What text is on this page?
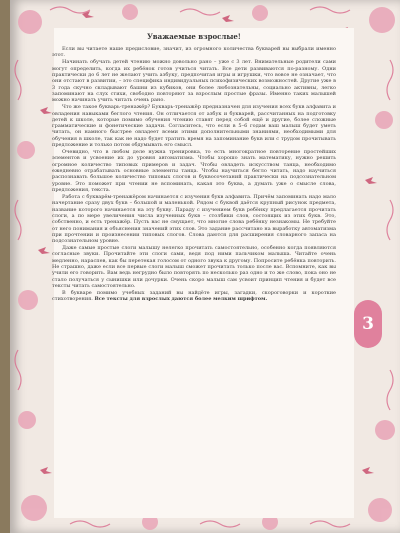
3
Уважаемые взрослые!

Если вы читаете наше предисловие, значит, из огромного количества букварей вы выбрали именно этот.

Начинать обучать детей чтению можно довольно рано – уже с 3 лет. Внимательные родители сами могут определить, когда их ребёнок готов учиться читать. Все дети развиваются по-разному. Одни практически до 6 лет не желают учить азбуку, предпочитая игры и игрушки, что вовсе не означает, что они отстают в развитии, – это специфика индивидуальных психофизических возможностей. Другие уже в 3 года скучно складывают башни из кубиков, они более любознательны, социально активны, легко запоминают на слух стихи, свободно повторяют за взрослым простые фразы. Именно таких малышей можно начинать учить читать очень рано.

Что же такое букварь-тренажёр? Букварь-тренажёр предназначен для изучения всех букв алфавита и овладения навыками беглого чтения. Он отличается от азбук и букварей, рассчитанных на подготовку детей к школе, которые помимо обучения чтению ставят перед собой ещё и другие, более сложные грамматические и фонетические задачи. Согласитесь, что если в 5–6 годам ваш малыш будет уметь читать, он намного быстрее овладеет всеми этими дополнительными знаниями, необходимыми для обучения в школе, так как не надо будет тратить время на запоминание букв или с трудом прочитывать предложение и только потом обдумывать его смысл.

Очевидно, что в любом деле нужна тренировка, то есть многократное повторение простейших элементов и усвоение их до уровня автоматизма. Чтобы хорошо знать математику, нужно решить огромное количество типовых примеров и задач. Чтобы овладеть искусством танца, необходимо ежедневно отрабатывать основные элементы танца. Чтобы научиться бегло читать, надо научиться распознавать большое количество типовых слогов и буквосочетаний практически на подсознательном уровне. Это поможет при чтении не вспоминать, какая это буква, а думать уже о смысле слова, предложения, текста.

Работа с букварём-тренажёром начинается с изучения букв алфавита. Причём запоминать надо мало начертание сразу двух букв – большой и маленькой. Рядом с буквой даётся крупный рисунок предмета, название которого начинается на эту букву. Параду с изучением букв ребёнку предлагается прочитать слоги, а по мере увеличения числа изученных букв – столбики слов, состоящих из этих букв. Это, собственно, и есть тренажёр. Пусть вас не смущает, что многие слова ребёнку незнакомы. Не требуйте от него понимания и объяснения значений этих слов. Это задание рассчитано на выработку автоматизма при прочтении и произнесении типовых слогов. Слова даются для расширения словарного запаса на подсознательном уровне.

Даже самые простые слоги малышу нелегко прочитать самостоятельно, особенно когда появляются согласные звуки. Прочитайте эти слоги сами, ведя под ними пальчиком малыша. Читайте очень медленно, нараспев, как бы перетекая голосом от одного звука к другому. Попросите ребёнка повторить. Не страшно, даже если все первые слоги малыш сможет прочитать только после вас. Вспомните, как вы учили его говорить. Вам ведь негрудно было повторять по несколько раз одно и то же слово, пока оно не стало получаться у сынишки или дочурки. Очень скоро малыш сам усвоит принцип чтения и будет все тексты читать самостоятельно.

В букваре помимо учебных заданий вы найдёте игры, загадки, скороговорки и короткие стихотворения. Все тексты для взрослых даются более мелким шрифтом.
